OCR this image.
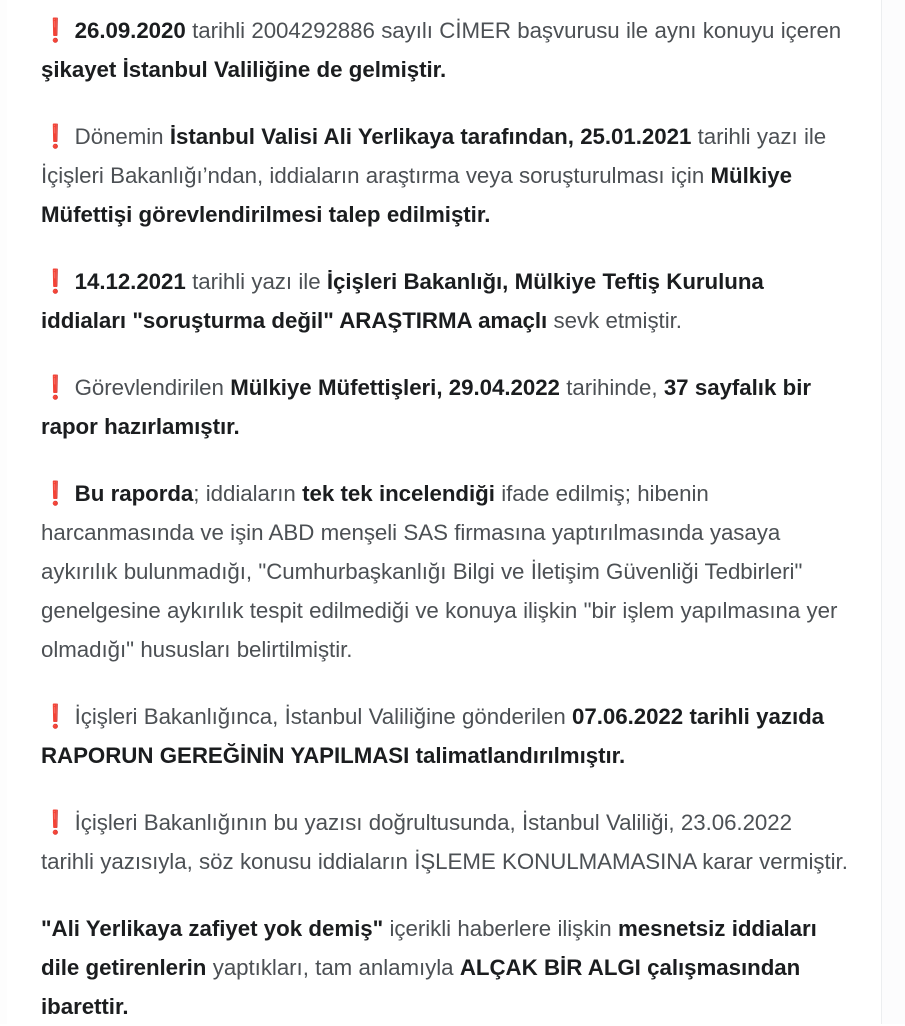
❗ 26.09.2020 tarihli 2004292886 sayılı CİMER başvurusu ile aynı konuyu içeren şikayet İstanbul Valiliğine de gelmiştir.

❗ Dönemin İstanbul Valisi Ali Yerlikaya tarafından, 25.01.2021 tarihli yazı ile İçişleri Bakanlığı’ndan, iddiaların araştırma veya soruşturulması için Mülkiye Müfettişi görevlendirilmesi talep edilmiştir.

❗ 14.12.2021 tarihli yazı ile İçişleri Bakanlığı, Mülkiye Teftiş Kuruluna iddiaları "soruşturma değil" ARAŞTIRMA amaçlı sevk etmiştir.

❗ Görevlendirilen Mülkiye Müfettişleri, 29.04.2022 tarihinde, 37 sayfalık bir rapor hazırlamıştır.

❗ Bu raporda; iddiaların tek tek incelendiği ifade edilmiş; hibenin harcanmasında ve işin ABD menşeli SAS firmasına yaptırılmasında yasaya aykırılık bulunmadığı, "Cumhurbaşkanlığı Bilgi ve İletişim Güvenliği Tedbirleri" genelgesine aykırılık tespit edilmediği ve konuya ilişkin "bir işlem yapılmasına yer olmadığı" hususları belirtilmiştir.

❗ İçişleri Bakanlığınca, İstanbul Valiliğine gönderilen 07.06.2022 tarihli yazıda RAPORUN GEREĞİNİN YAPILMASI talimatlandırılmıştır.

❗ İçişleri Bakanlığının bu yazısı doğrultusunda, İstanbul Valiliği, 23.06.2022 tarihli yazısıyla, söz konusu iddiaların İŞLEME KONULMAMASINA karar vermiştir.

"Ali Yerlikaya zafiyet yok demiş" içerikli haberlere ilişkin mesnetsiz iddiaları dile getirenlerin yaptıkları, tam anlamıyla ALÇAK BİR ALGI çalışmasından ibarettir.
